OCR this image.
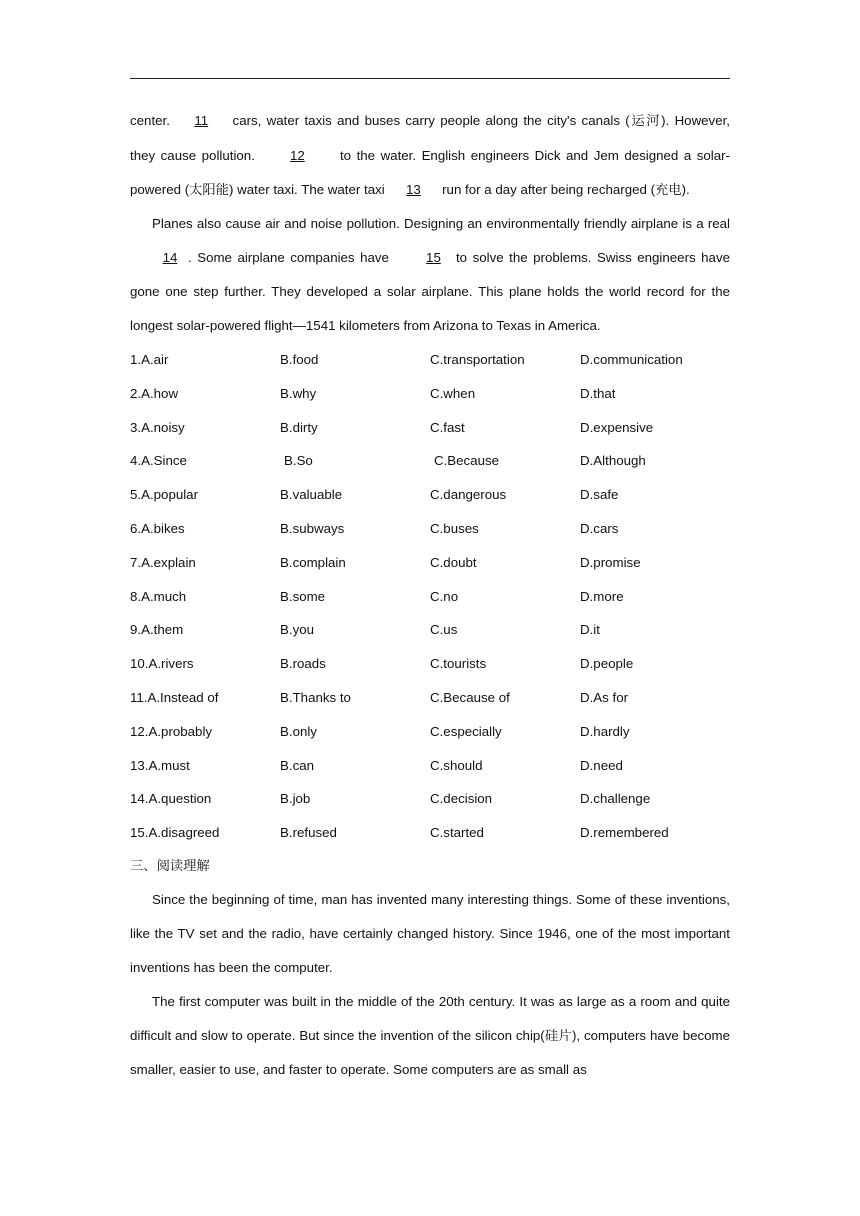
center. 11 cars, water taxis and buses carry people along the city's canals (运河). However, they cause pollution.	12	to the water. English engineers Dick and Jem designed a solar-powered (太阳能) water taxi. The water taxi 13 run for a day after being recharged (充电).

Planes also cause air and noise pollution. Designing an environmentally friendly airplane is a real 14 . Some airplane companies have	15 to solve the problems. Swiss engineers have gone one step further. They developed a solar airplane. This plane holds the world record for the longest solar-powered flight—1541 kilometers from Arizona to Texas in America.

1.A.air	B.food	C.transportation	D.communication
2.A.how	B.why	C.when	D.that
3.A.noisy	B.dirty	C.fast	D.expensive
4.A.Since	B.So	C.Because	D.Although
5.A.popular	B.valuable	C.dangerous	D.safe
6.A.bikes	B.subways	C.buses	D.cars
7.A.explain	B.complain	C.doubt	D.promise
8.A.much	B.some	C.no	D.more
9.A.them	B.you	C.us	D.it
10.A.rivers	B.roads	C.tourists	D.people
11.A.Instead of	B.Thanks to	C.Because of	D.As for
12.A.probably	B.only	C.especially	D.hardly
13.A.must	B.can	C.should	D.need
14.A.question	B.job	C.decision	D.challenge
15.A.disagreed	B.refused	C.started	D.remembered
三、阅读理解

Since the beginning of time, man has invented many interesting things. Some of these inventions, like the TV set and the radio, have certainly changed history. Since 1946, one of the most important inventions has been the computer.

The first computer was built in the middle of the 20th century. It was as large as a room and quite difficult and slow to operate. But since the invention of the silicon chip(硅片), computers have become smaller, easier to use, and faster to operate. Some computers are as small as
